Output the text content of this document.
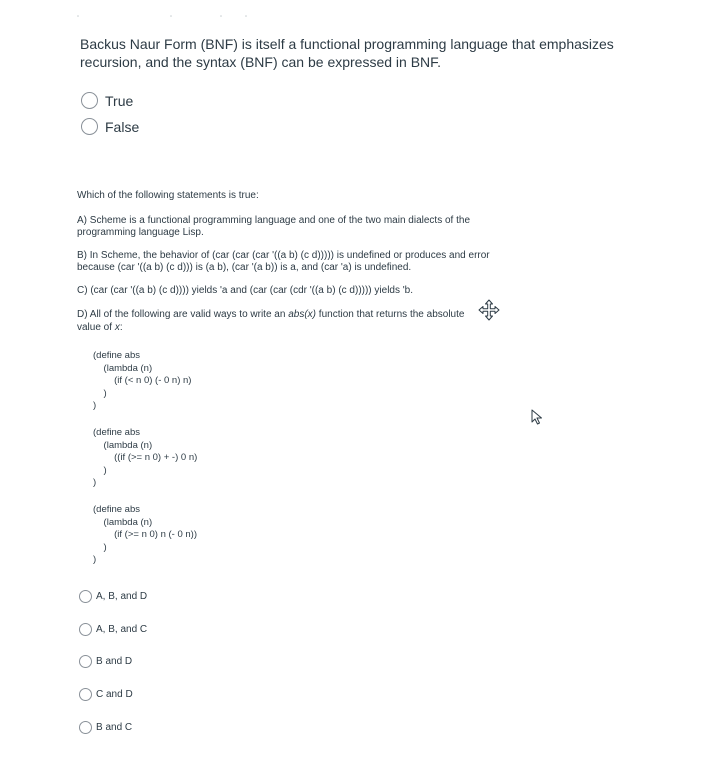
Backus Naur Form (BNF) is itself a functional programming language that emphasizes recursion, and the syntax (BNF) can be expressed in BNF.
True
False

Which of the following statements is true:

A) Scheme is a functional programming language and one of the two main dialects of the programming language Lisp.

B) In Scheme, the behavior of (car (car (car '((a b) (c d))))) is undefined or produces and error because (car '((a b) (c d))) is (a b), (car '(a b)) is a, and (car 'a) is undefined.

C) (car (car '((a b) (c d)))) yields 'a and (car (car (cdr '((a b) (c d))))) yields 'b.

D) All of the following are valid ways to write an abs(x) function that returns the absolute value of x:

(define abs
(lambda (n)
(if (< n 0) (- 0 n) n)
)
)
(define abs
(lambda (n)
((if (>= n 0) + -) 0 n)
)
)
(define abs
(lambda (n)
(if (>= n 0) n (- 0 n))
)
)
A, B, and D
A, B, and C
B and D
C and D
B and C
